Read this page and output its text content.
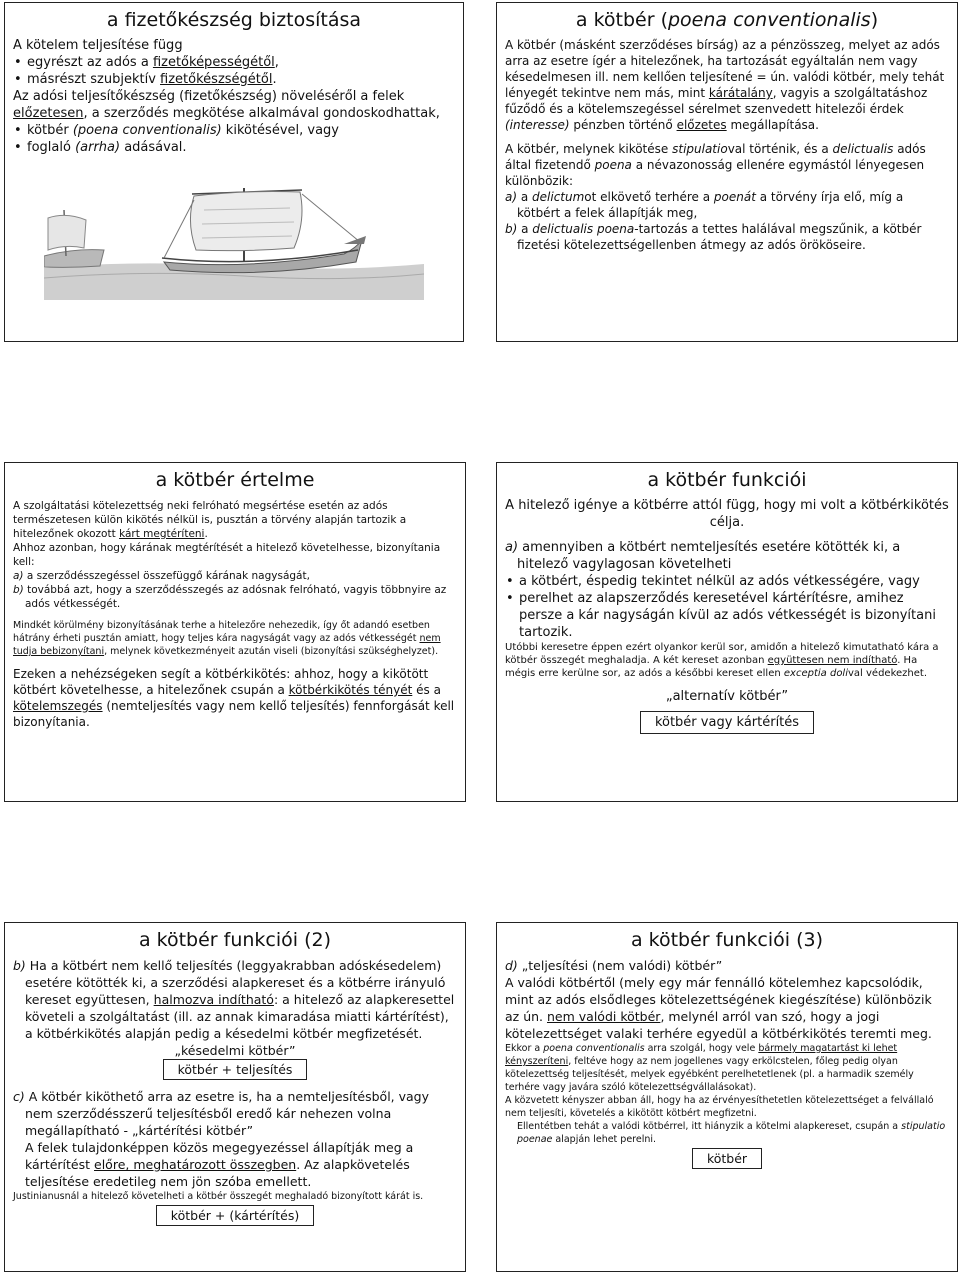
a fizetőkészség biztosítása

A kötelem teljesítése függ

• egyrészt az adós a fizetőképességétől,

• másrészt szubjektív fizetőkészségétől.

Az adósi teljesítőkészség (fizetőkészség) növeléséről a felek előzetesen, a szerződés megkötése alkalmával gondoskodhattak,

• kötbér (poena conventionalis) kikötésével, vagy

• foglaló (arrha) adásával.

a kötbér (poena conventionalis)

A kötbér (másként szerződéses bírság) az a pénzösszeg, melyet az adós arra az esetre ígér a hitelezőnek, ha tartozását egyáltalán nem vagy késedelmesen ill. nem kellően teljesítené = ún. valódi kötbér, mely tehát lényegét tekintve nem más, mint kárátalány, vagyis a szolgáltatáshoz fűződő és a kötelemszegéssel sérelmet szenvedett hitelezői érdek (interesse) pénzben történő előzetes megállapítása.

A kötbér, melynek kikötése stipulatioval történik, és a delictualis adós által fizetendő poena a névazonosság ellenére egymástól lényegesen különbözik:

a) a delictumot elkövető terhére a poenát a törvény írja elő, míg a kötbért a felek állapítják meg,

b) a delictualis poena-tartozás a tettes halálával megszűnik, a kötbér fizetési kötelezettségellenben átmegy az adós örököseire.

a kötbér értelme

A szolgáltatási kötelezettség neki felróható megsértése esetén az adós természetesen külön kikötés nélkül is, pusztán a törvény alapján tartozik a hitelezőnek okozott kárt megtéríteni.

Ahhoz azonban, hogy kárának megtérítését a hitelező követelhesse, bizonyítania kell:

a) a szerződésszegéssel összefüggő kárának nagyságát,

b) továbbá azt, hogy a szerződésszegés az adósnak felróható, vagyis többnyire az adós vétkességét.

Mindkét körülmény bizonyításának terhe a hitelezőre nehezedik, így őt adandó esetben hátrány érheti pusztán amiatt, hogy teljes kára nagyságát vagy az adós vétkességét nem tudja bebizonyítani, melynek következményeit azután viseli (bizonyítási szükséghelyzet).

Ezeken a nehézségeken segít a kötbérkikötés: ahhoz, hogy a kikötött kötbért követelhesse, a hitelezőnek csupán a kötbérkikötés tényét és a kötelemszegés (nemteljesítés vagy nem kellő teljesítés) fennforgását kell bizonyítania.

a kötbér funkciói

A hitelező igénye a kötbérre attól függ, hogy mi volt a kötbérkikötés célja.

a) amennyiben a kötbért nemteljesítés esetére kötötték ki, a hitelező vagylagosan követelheti

• a kötbért, éspedig tekintet nélkül az adós vétkességére, vagy

• perelhet az alapszerződés keresetével kártérítésre, amihez persze a kár nagyságán kívül az adós vétkességét is bizonyítani tartozik.

Utóbbi keresetre éppen ezért olyankor kerül sor, amidőn a hitelező kimutatható kára a kötbér összegét meghaladja. A két kereset azonban együttesen nem indítható. Ha mégis erre kerülne sor, az adós a későbbi kereset ellen exceptia dolival védekezhet.

„alternatív kötbér”

kötbér vagy kártérítés
a kötbér funkciói (2)

b) Ha a kötbért nem kellő teljesítés (leggyakrabban adóskésedelem) esetére kötötték ki, a szerződési alapkereset és a kötbérre irányuló kereset együttesen, halmozva indítható: a hitelező az alapkeresettel követeli a szolgáltatást (ill. az annak kimaradása miatti kártérítést), a kötbérkikötés alapján pedig a késedelmi kötbér megfizetését.

„késedelmi kötbér”

kötbér + teljesítés

c) A kötbér kiköthető arra az esetre is, ha a nemteljesítésből, vagy nem szerződésszerű teljesítésből eredő kár nehezen volna megállapítható - „kártérítési kötbér”

A felek tulajdonképpen közös megegyezéssel állapítják meg a kártérítést előre, meghatározott összegben. Az alapkövetelés teljesítése eredetileg nem jön szóba emellett.

Justinianusnál a hitelező követelheti a kötbér összegét meghaladó bizonyított kárát is.

kötbér + (kártérítés)
a kötbér funkciói (3)

d) „teljesítési (nem valódi) kötbér”

A valódi kötbértől (mely egy már fennálló kötelemhez kapcsolódik, mint az adós elsődleges kötelezettségének kiegészítése) különbözik

az ún. nem valódi kötbér, melynél arról van szó, hogy a jogi kötelezettséget valaki terhére egyedül a kötbérkikötés teremti meg.

Ekkor a poena conventionalis arra szolgál, hogy vele bármely magatartást ki lehet kényszeríteni, feltéve hogy az nem jogellenes vagy erkölcstelen, főleg pedig olyan kötelezettség teljesítését, melyek egyébként perelhetetlenek (pl. a harmadik személy terhére vagy javára szóló kötelezettségvállalásokat).

A közvetett kényszer abban áll, hogy ha az érvényesíthetetlen kötelezettséget a felvállaló nem teljesíti, követelés a kikötött kötbért megfizetni.

Ellentétben tehát a valódi kötbérrel, itt hiányzik a kötelmi alapkereset, csupán a stipulatio poenae alapján lehet perelni.

kötbér
